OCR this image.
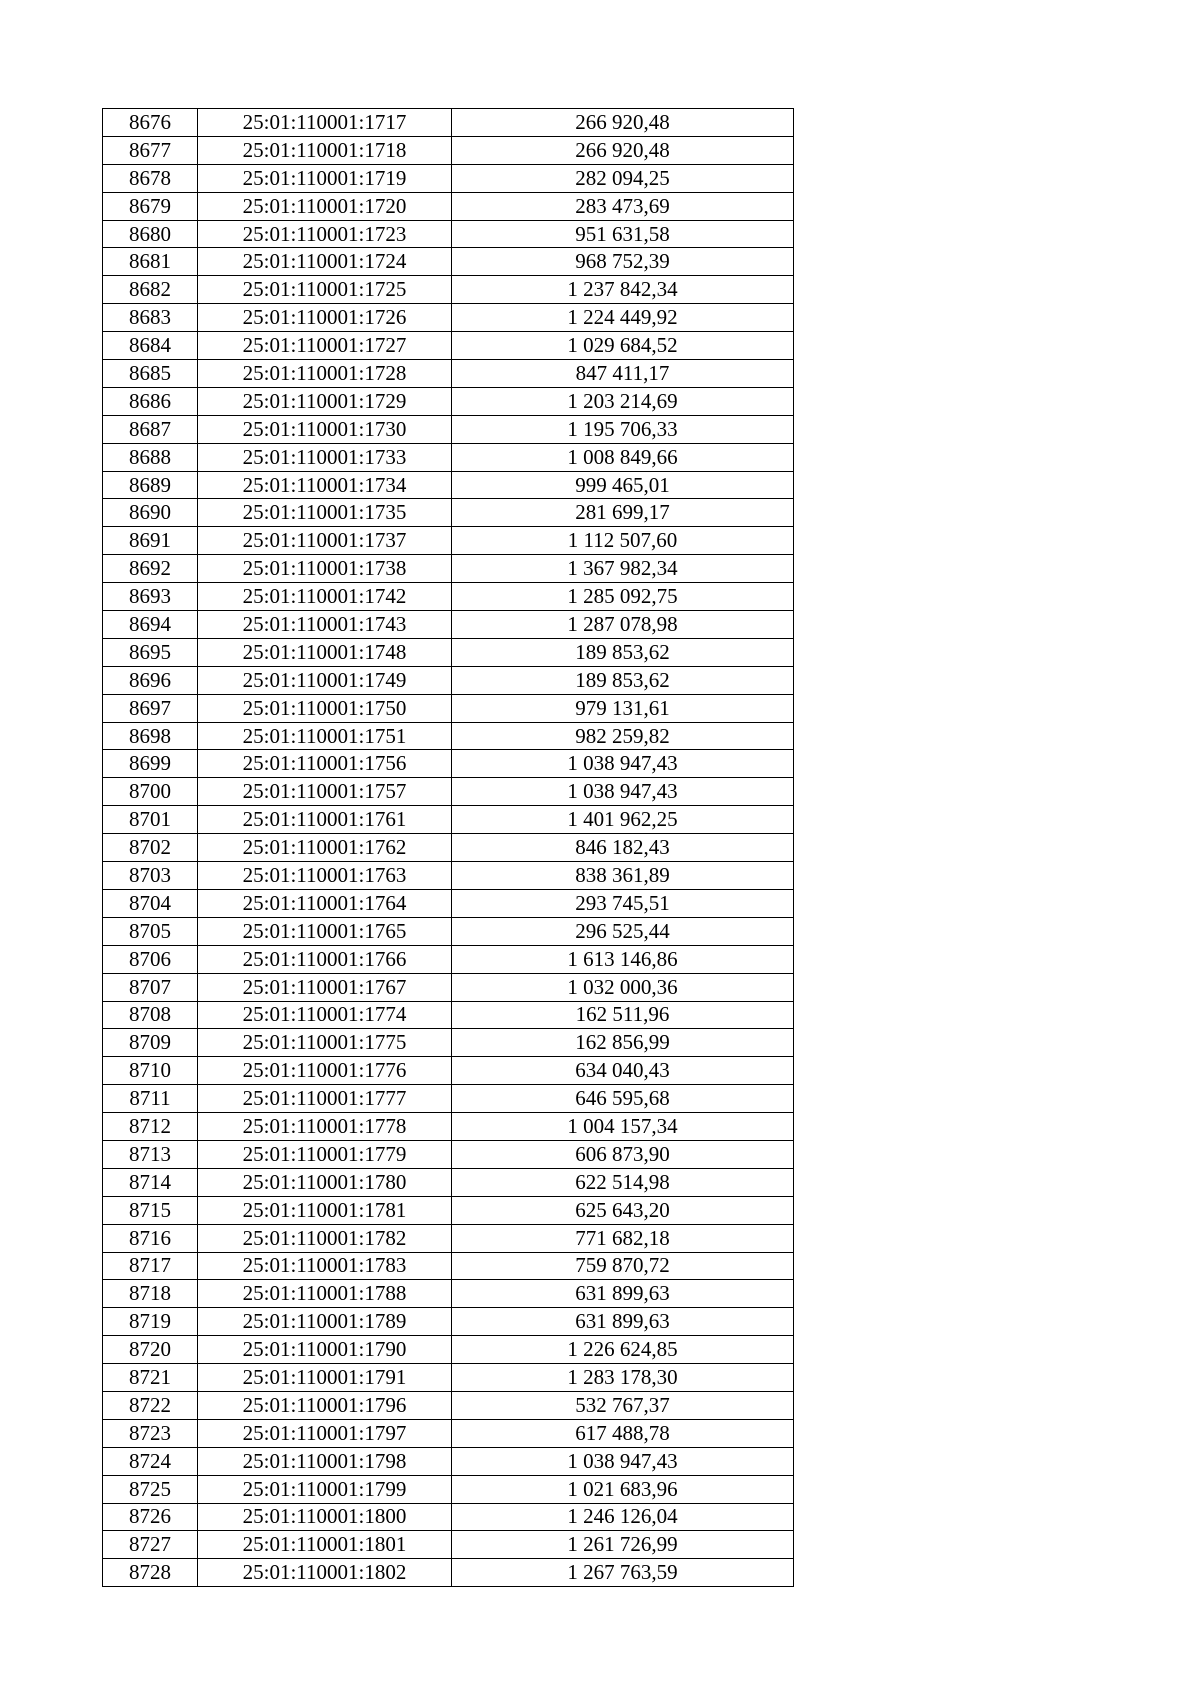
8676	25:01:110001:1717	266 920,48
8677	25:01:110001:1718	266 920,48
8678	25:01:110001:1719	282 094,25
8679	25:01:110001:1720	283 473,69
8680	25:01:110001:1723	951 631,58
8681	25:01:110001:1724	968 752,39
8682	25:01:110001:1725	1 237 842,34
8683	25:01:110001:1726	1 224 449,92
8684	25:01:110001:1727	1 029 684,52
8685	25:01:110001:1728	847 411,17
8686	25:01:110001:1729	1 203 214,69
8687	25:01:110001:1730	1 195 706,33
8688	25:01:110001:1733	1 008 849,66
8689	25:01:110001:1734	999 465,01
8690	25:01:110001:1735	281 699,17
8691	25:01:110001:1737	1 112 507,60
8692	25:01:110001:1738	1 367 982,34
8693	25:01:110001:1742	1 285 092,75
8694	25:01:110001:1743	1 287 078,98
8695	25:01:110001:1748	189 853,62
8696	25:01:110001:1749	189 853,62
8697	25:01:110001:1750	979 131,61
8698	25:01:110001:1751	982 259,82
8699	25:01:110001:1756	1 038 947,43
8700	25:01:110001:1757	1 038 947,43
8701	25:01:110001:1761	1 401 962,25
8702	25:01:110001:1762	846 182,43
8703	25:01:110001:1763	838 361,89
8704	25:01:110001:1764	293 745,51
8705	25:01:110001:1765	296 525,44
8706	25:01:110001:1766	1 613 146,86
8707	25:01:110001:1767	1 032 000,36
8708	25:01:110001:1774	162 511,96
8709	25:01:110001:1775	162 856,99
8710	25:01:110001:1776	634 040,43
8711	25:01:110001:1777	646 595,68
8712	25:01:110001:1778	1 004 157,34
8713	25:01:110001:1779	606 873,90
8714	25:01:110001:1780	622 514,98
8715	25:01:110001:1781	625 643,20
8716	25:01:110001:1782	771 682,18
8717	25:01:110001:1783	759 870,72
8718	25:01:110001:1788	631 899,63
8719	25:01:110001:1789	631 899,63
8720	25:01:110001:1790	1 226 624,85
8721	25:01:110001:1791	1 283 178,30
8722	25:01:110001:1796	532 767,37
8723	25:01:110001:1797	617 488,78
8724	25:01:110001:1798	1 038 947,43
8725	25:01:110001:1799	1 021 683,96
8726	25:01:110001:1800	1 246 126,04
8727	25:01:110001:1801	1 261 726,99
8728	25:01:110001:1802	1 267 763,59
